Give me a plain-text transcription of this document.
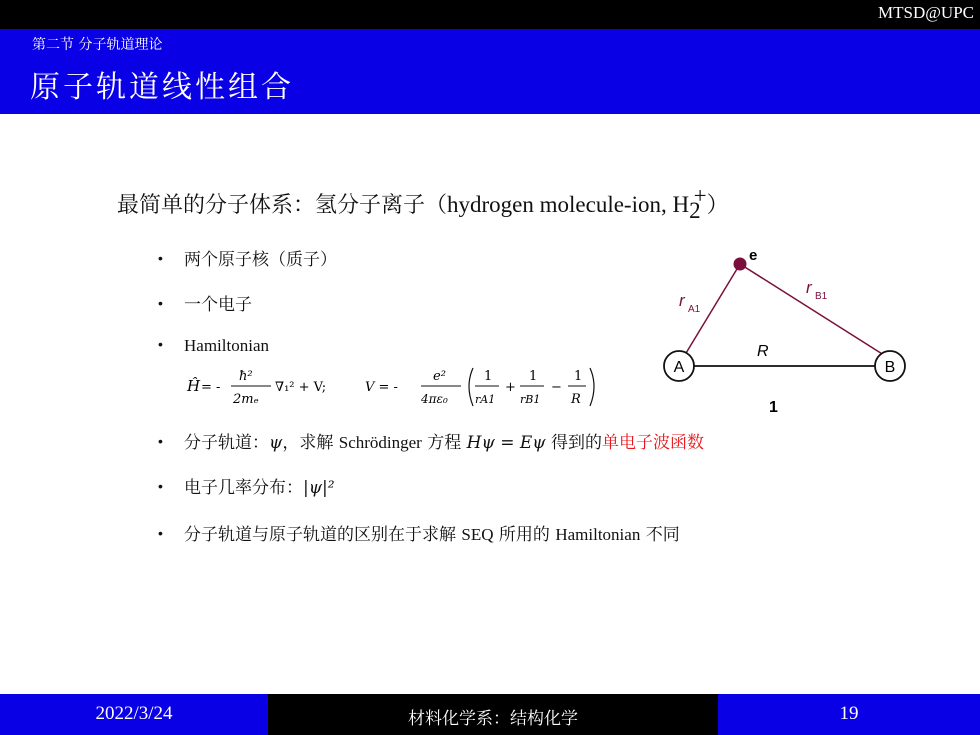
MTSD@UPC
第二节 分子轨道理论
原子轨道线性组合
最简单的分子体系：氢分子离子（hydrogen molecule-ion, H2+）
• 两个原子核（质子）
• 一个电子
• Hamiltonian
Ĥ = -
ħ²
2mₑ
∇₁² + V;	V = -
e²
4πε₀
1
rA1
+
1
rB1
−
1
R
e
r A1
r B1
R
A	B
1
• 分子轨道：ψ，求解 Schrödinger 方程 Hψ = Eψ 得到的单电子波函数
• 电子几率分布：|ψ|²
• 分子轨道与原子轨道的区别在于求解 SEQ 所用的 Hamiltonian 不同
2022/3/24	材料化学系：结构化学	19
